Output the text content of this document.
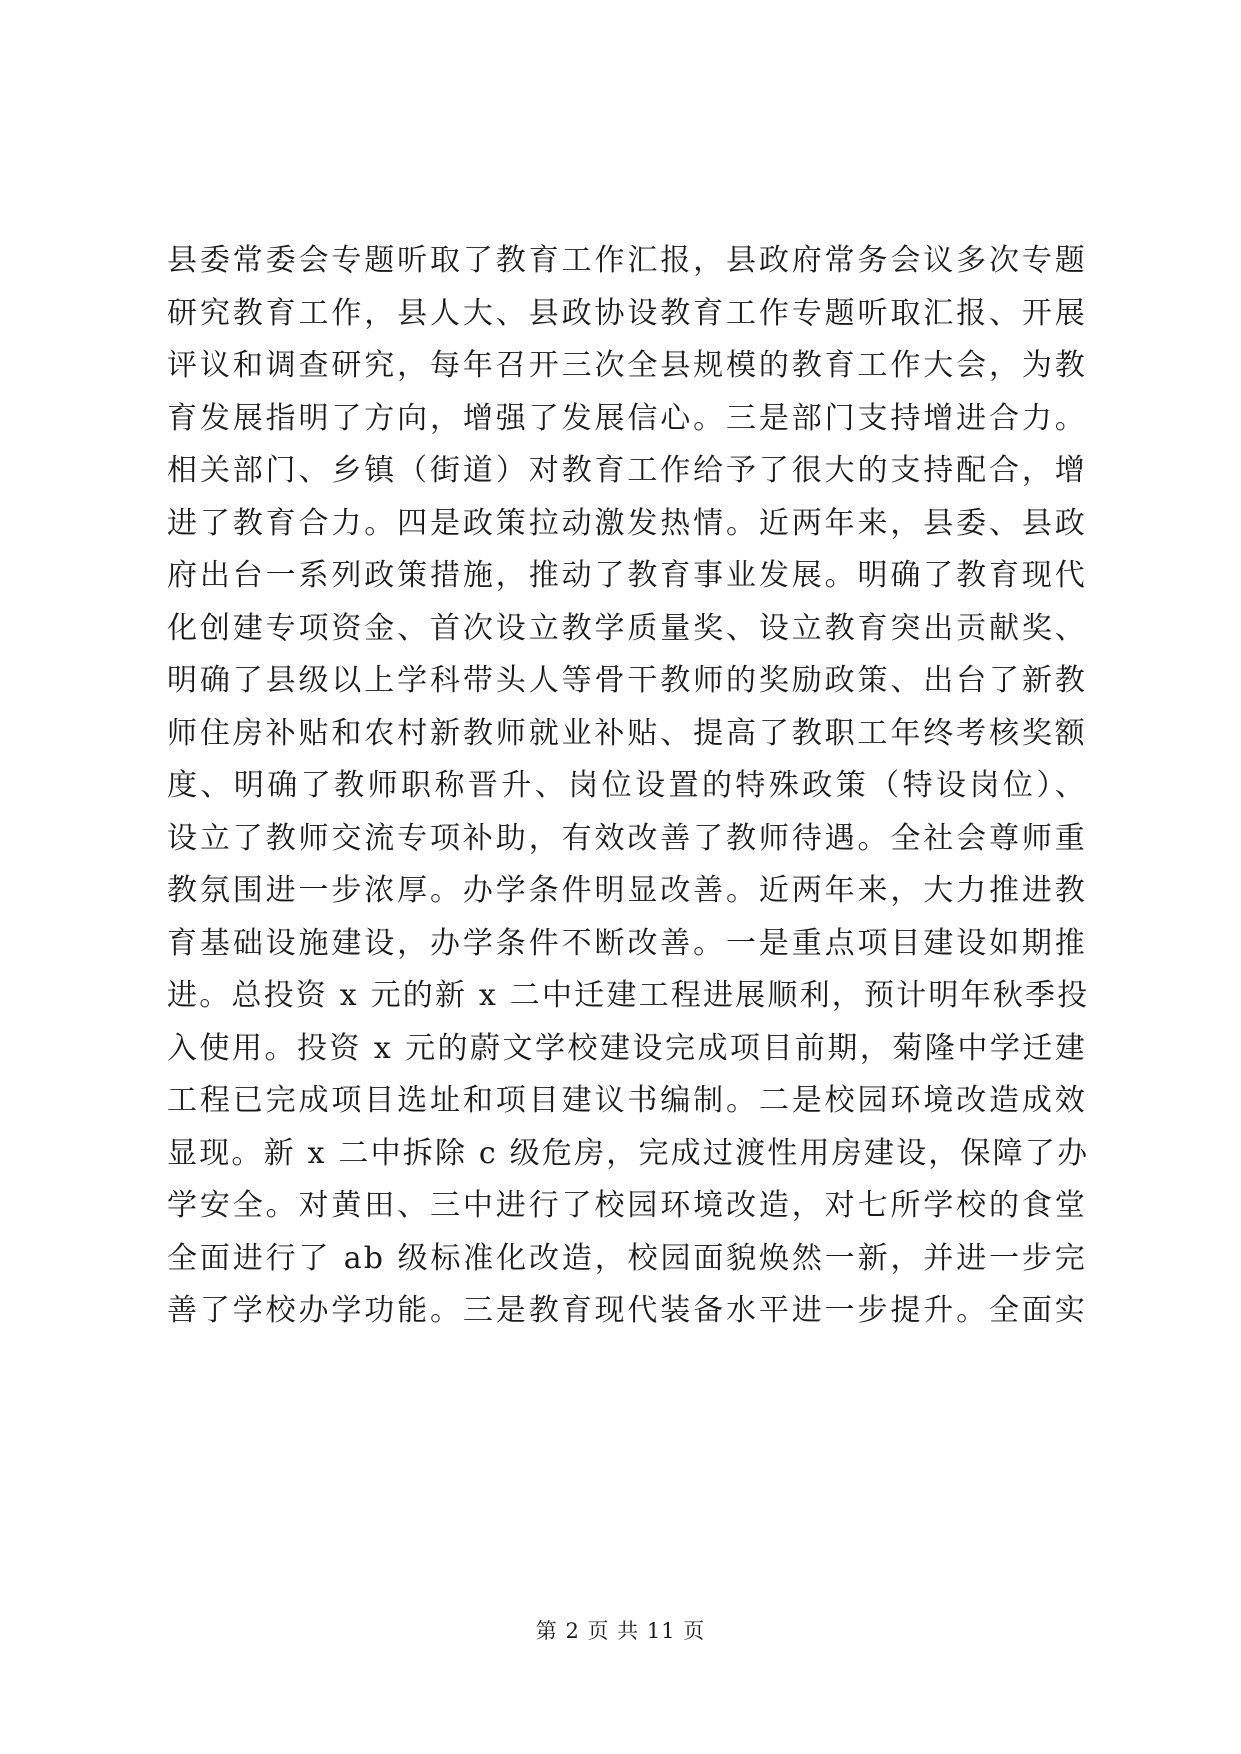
县委常委会专题听取了教育工作汇报，县政府常务会议多次专题
研究教育工作，县人大、县政协设教育工作专题听取汇报、开展
评议和调查研究，每年召开三次全县规模的教育工作大会，为教
育发展指明了方向，增强了发展信心。三是部门支持增进合力。
相关部门、乡镇（街道）对教育工作给予了很大的支持配合，增
进了教育合力。四是政策拉动激发热情。近两年来，县委、县政
府出台一系列政策措施，推动了教育事业发展。明确了教育现代
化创建专项资金、首次设立教学质量奖、设立教育突出贡献奖、
明确了县级以上学科带头人等骨干教师的奖励政策、出台了新教
师住房补贴和农村新教师就业补贴、提高了教职工年终考核奖额
度、明确了教师职称晋升、岗位设置的特殊政策（特设岗位）、
设立了教师交流专项补助，有效改善了教师待遇。全社会尊师重
教氛围进一步浓厚。办学条件明显改善。近两年来，大力推进教
育基础设施建设，办学条件不断改善。一是重点项目建设如期推
进。总投资 x 元的新 x 二中迁建工程进展顺利，预计明年秋季投
入使用。投资 x 元的蔚文学校建设完成项目前期，菊隆中学迁建
工程已完成项目选址和项目建议书编制。二是校园环境改造成效
显现。新 x 二中拆除 c 级危房，完成过渡性用房建设，保障了办
学安全。对黄田、三中进行了校园环境改造，对七所学校的食堂
全面进行了 ab 级标准化改造，校园面貌焕然一新，并进一步完
善了学校办学功能。三是教育现代装备水平进一步提升。全面实
第 2 页 共 11 页
